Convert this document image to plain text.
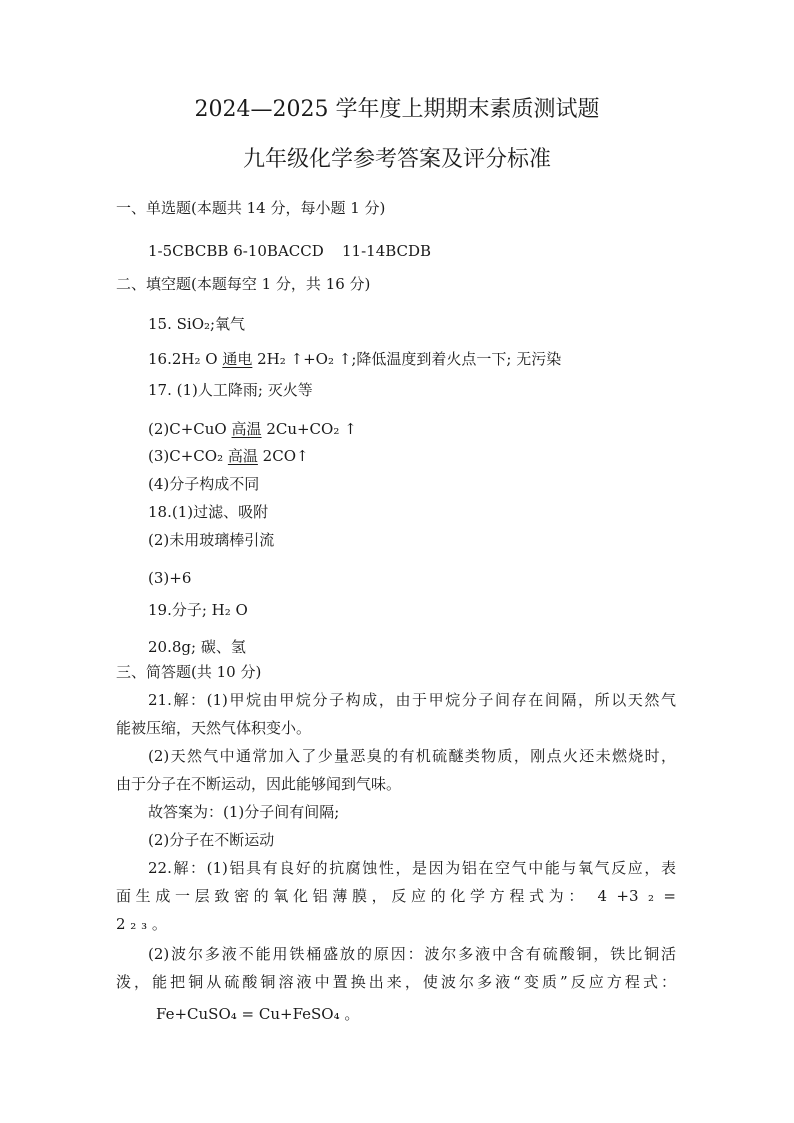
2024—2025 学年度上期期末素质测试题
九年级化学参考答案及评分标准
一、单选题(本题共 14 分，每小题 1 分)
1-5CBCBB 6-10BACCD 11-14BCDB
二、填空题(本题每空 1 分，共 16 分)
15. SiO₂;氧气
16.2H₂ O 通电 2H₂ ↑+O₂ ↑;降低温度到着火点一下; 无污染
17. (1)人工降雨; 灭火等
(2)C+CuO 高温 2Cu+CO₂ ↑
(3)C+CO₂ 高温 2CO↑
(4)分子构成不同
18.(1)过滤、吸附
(2)未用玻璃棒引流
(3)+6
19.分子; H₂ O
20.8g; 碳、氢
三、简答题(共 10 分)
21.解：(1)甲烷由甲烷分子构成，由于甲烷分子间存在间隔，所以天然气
能被压缩，天然气体积变小。
(2)天然气中通常加入了少量恶臭的有机硫醚类物质，刚点火还未燃烧时，
由于分子在不断运动，因此能够闻到气味。
故答案为：(1)分子间有间隔;
(2)分子在不断运动
22.解：(1)铝具有良好的抗腐蚀性，是因为铝在空气中能与氧气反应，表
面生成一层致密的氧化铝薄膜，反应的化学方程式为： 4 +3 ₂ =
2 ₂ ₃ 。
(2)波尔多液不能用铁桶盛放的原因：波尔多液中含有硫酸铜，铁比铜活
泼，能把铜从硫酸铜溶液中置换出来，使波尔多液“变质”反应方程式：
Fe+CuSO₄ = Cu+FeSO₄ 。
